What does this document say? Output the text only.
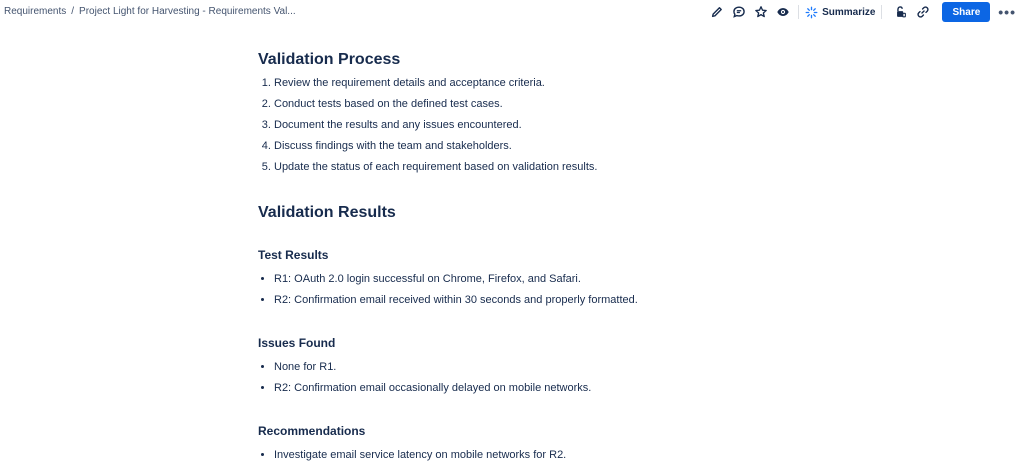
Requirements / Project Light for Harvesting - Requirements Val...	Summarize	Share	•••
Validation Process
1. Review the requirement details and acceptance criteria.
2. Conduct tests based on the defined test cases.
3. Document the results and any issues encountered.
4. Discuss findings with the team and stakeholders.
5. Update the status of each requirement based on validation results.
Validation Results
Test Results
• R1: OAuth 2.0 login successful on Chrome, Firefox, and Safari.
• R2: Confirmation email received within 30 seconds and properly formatted.
Issues Found
• None for R1.
• R2: Confirmation email occasionally delayed on mobile networks.
Recommendations
• Investigate email service latency on mobile networks for R2.
